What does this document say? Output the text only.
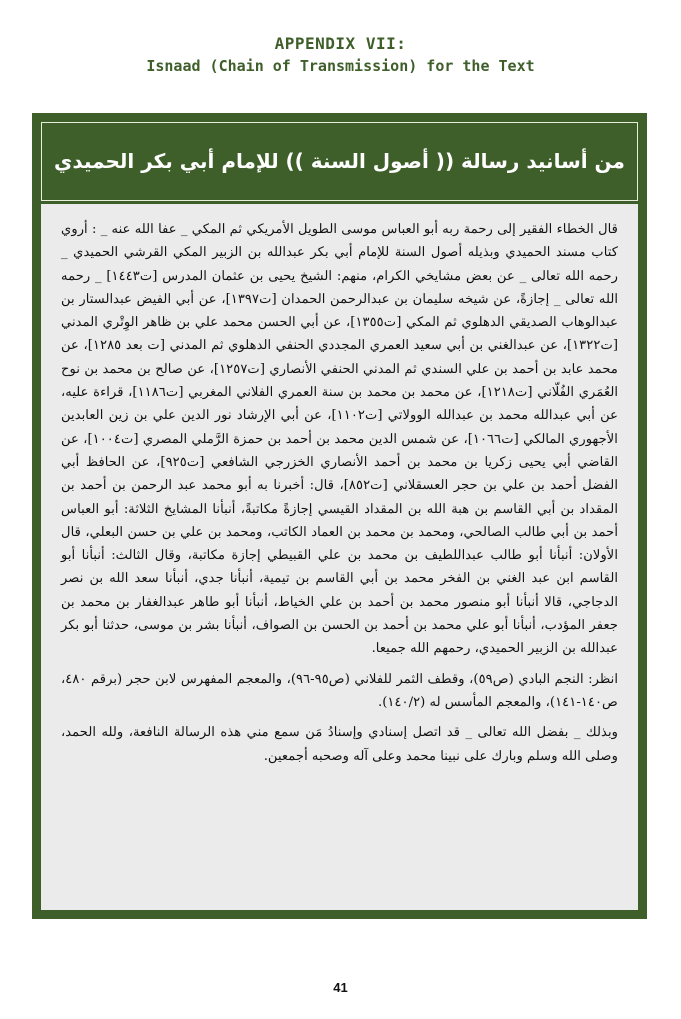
APPENDIX VII:
Isnaad (Chain of Transmission) for the Text
من أسانيد رسالة (( أصول السنة )) للإمام أبي بكر الحميدي

قال الخطاء الفقير إلى رحمة ربه أبو العباس موسى الطويل الأمريكي ثم المكي _ عفا الله عنه _ : أروي كتاب مسند الحميدي وبذيله أصول السنة للإمام أبي بكر عبدالله بن الزبير المكي القرشي الحميدي _ رحمه الله تعالى _ عن بعض مشايخي الكرام، منهم: الشيخ يحيى بن عثمان المدرس [ت١٤٤٣] _ رحمه الله تعالى _ إجازةً، عن شيخه سليمان بن عبدالرحمن الحمدان [ت١٣٩٧]، عن أبي الفيض عبدالستار بن عبدالوهاب الصديقي الدهلوي ثم المكي [ت١٣٥٥]، عن أبي الحسن محمد علي بن ظاهر الوِتْري المدني [ت١٣٢٢]، عن عبدالغني بن أبي سعيد العمري المجددي الحنفي الدهلوي ثم المدني [ت بعد ١٢٨٥]، عن محمد عابد بن أحمد بن علي السندي ثم المدني الحنفي الأنصاري [ت١٢٥٧]، عن صالح بن محمد بن نوح العُمَري الفُلّاني [ت١٢١٨]، عن محمد بن محمد بن سنة العمري الفلاني المغربي [ت١١٨٦]، قراءة عليه، عن أبي عبدالله محمد بن عبدالله الوولاتي [ت١١٠٢]، عن أبي الإرشاد نور الدين علي بن زين العابدين الأجهوري المالكي [ت١٠٦٦]، عن شمس الدين محمد بن أحمد بن حمزة الرَّملي المصري [ت١٠٠٤]، عن القاضي أبي يحيى زكريا بن محمد بن أحمد الأنصاري الخزرجي الشافعي [ت٩٢٥]، عن الحافظ أبي الفضل أحمد بن علي بن حجر العسقلاني [ت٨٥٢]، قال: أخبرنا به أبو محمد عبد الرحمن بن أحمد بن المقداد بن أبي القاسم بن هبة الله بن المقداد القيسي إجازةً مكاتبةً، أنبأنا المشايخ الثلاثة: أبو العباس أحمد بن أبي طالب الصالحي، ومحمد بن محمد بن العماد الكاتب، ومحمد بن علي بن حسن البعلي، قال الأولان: أنبأنا أبو طالب عبداللطيف بن محمد بن علي القبيطي إجازة مكاتبة، وقال الثالث: أنبأنا أبو القاسم ابن عبد الغني بن الفخر محمد بن أبي القاسم بن تيمية، أنبأنا جدي، أنبأنا سعد الله بن نصر الدجاجي، قالا أنبأنا أبو منصور محمد بن أحمد بن علي الخياط، أنبأنا أبو طاهر عبدالغفار بن محمد بن جعفر المؤدب، أنبأنا أبو علي محمد بن أحمد بن الحسن بن الصواف، أنبأنا بشر بن موسى، حدثنا أبو بكر عبدالله بن الزبير الحميدي، رحمهم الله جميعا.

انظر: النجم البادي (ص٥٩)، وقطف الثمر للفلاني (ص٩٥-٩٦)، والمعجم المفهرس لابن حجر (برقم ٤٨٠، ص١٤٠-١٤١)، والمعجم المأسس له (١٤٠/٢).

وبذلك _ بفضل الله تعالى _ قد اتصل إسنادي وإسنادُ مَن سمع مني هذه الرسالة النافعة، ولله الحمد، وصلى الله وسلم وبارك على نبينا محمد وعلى آله وصحبه أجمعين.

41
